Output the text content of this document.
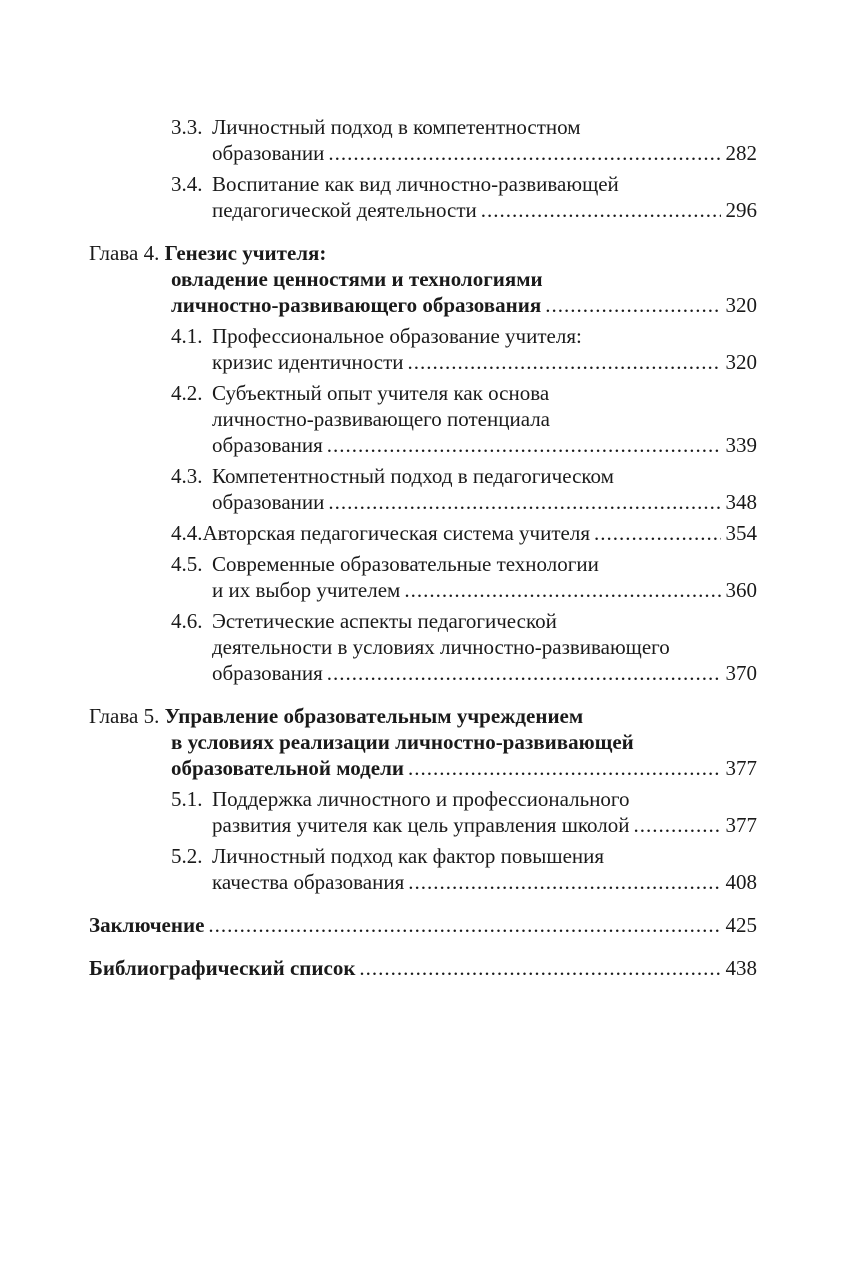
3.3. Личностный подход в компетентностном
образовании .....	282
3.4. Воспитание как вид личностно-развивающей
педагогической деятельности .....	296
Глава 4.
Генезис учителя:
овладение ценностями и технологиями
личностно-развивающего образования .....	320
4.1. Профессиональное образование учителя:
кризис идентичности .....	320
4.2. Субъектный опыт учителя как основа
личностно-развивающего потенциала
образования .....	339
4.3. Компетентностный подход в педагогическом
образовании .....	348
4.4. Авторская педагогическая система учителя .....	354
4.5. Современные образовательные технологии
и их выбор учителем .....	360
4.6. Эстетические аспекты педагогической
деятельности в условиях личностно-развивающего
образования .....	370
Глава 5.
Управление образовательным учреждением
в условиях реализации личностно-развивающей
образовательной модели .....	377
5.1. Поддержка личностного и профессионального
развития учителя как цель управления школой .....	377
5.2. Личностный подход как фактор повышения
качества образования .....	408
Заключение .....	425
Библиографический список .....	438
